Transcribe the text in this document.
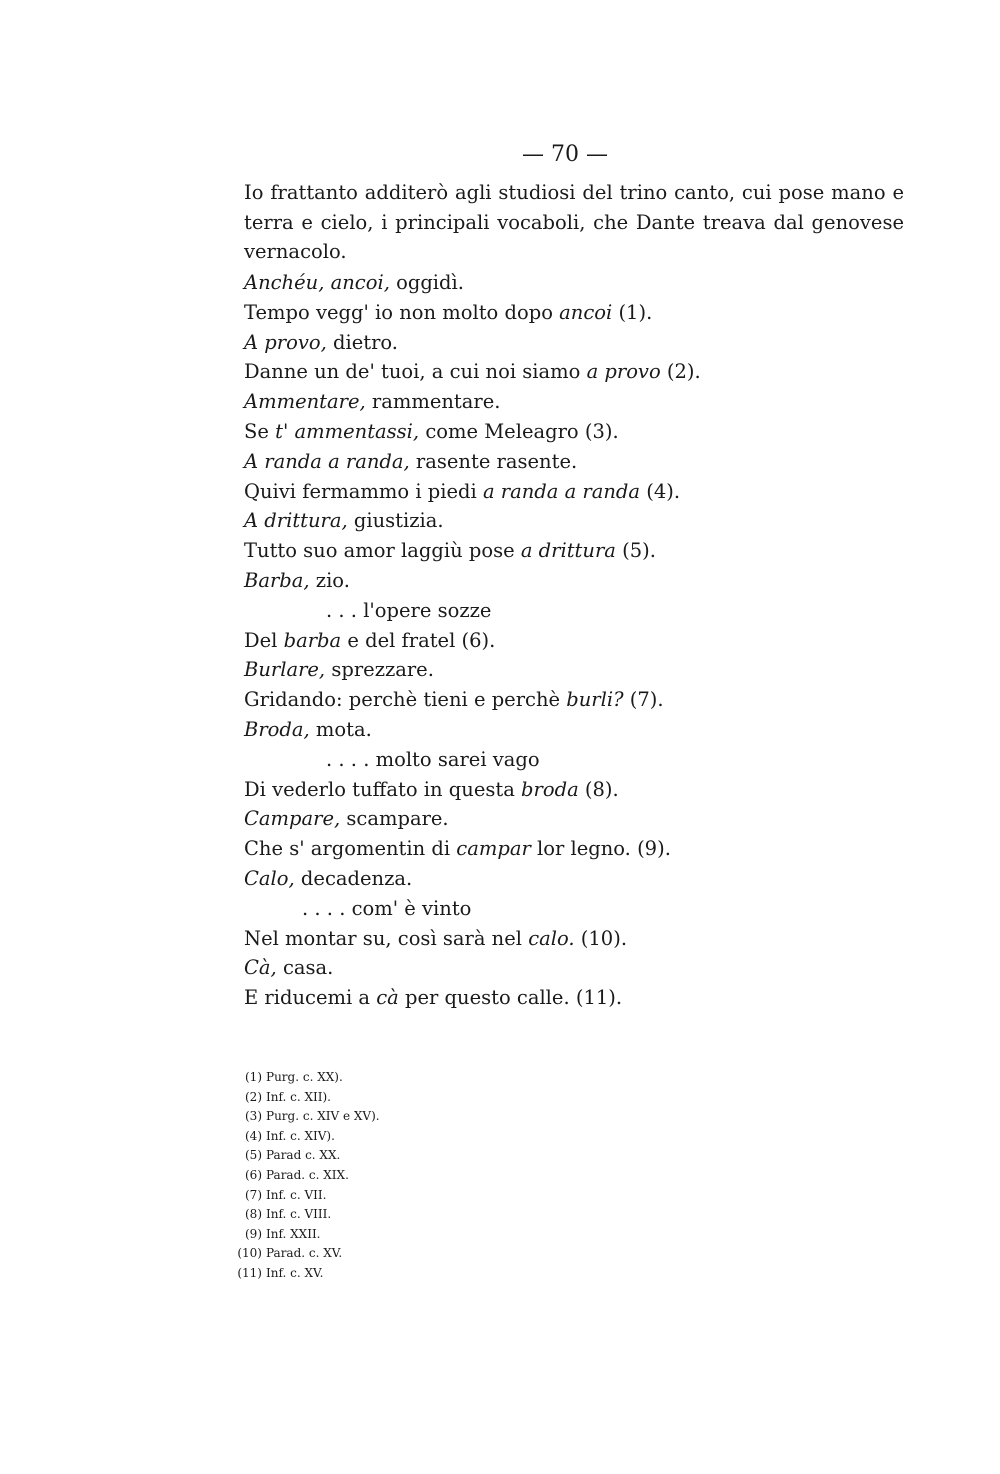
— 70 —

Io frattanto additerò agli studiosi del trino canto, cui pose mano e terra e cielo, i principali vocaboli, che Dante treava dal genovese vernacolo.

Anchéu, ancoi, oggidì.
Tempo vegg' io non molto dopo ancoi (1).
A provo, dietro.
Danne un de' tuoi, a cui noi siamo a provo (2).
Ammentare, rammentare.
Se t' ammentassi, come Meleagro (3).
A randa a randa, rasente rasente.
Quivi fermammo i piedi a randa a randa (4).
A drittura, giustizia.
Tutto suo amor laggiù pose a drittura (5).
Barba, zio.
. . . l'opere sozze
Del barba e del fratel (6).
Burlare, sprezzare.
Gridando: perchè tieni e perchè burli? (7).
Broda, mota.
. . . . molto sarei vago
Di vederlo tuffato in questa broda (8).
Campare, scampare.
Che s' argomentin di campar lor legno. (9).
Calo, decadenza.
. . . . com' è vinto
Nel montar su, così sarà nel calo. (10).
Cà, casa.
E riducemi a cà per questo calle. (11).
(1) Purg. c. XX).
(2) Inf. c. XII).
(3) Purg. c. XIV e XV).
(4) Inf. c. XIV).
(5) Parad c. XX.
(6) Parad. c. XIX.
(7) Inf. c. VII.
(8) Inf. c. VIII.
(9) Inf. XXII.
(10) Parad. c. XV.
(11) Inf. c. XV.
